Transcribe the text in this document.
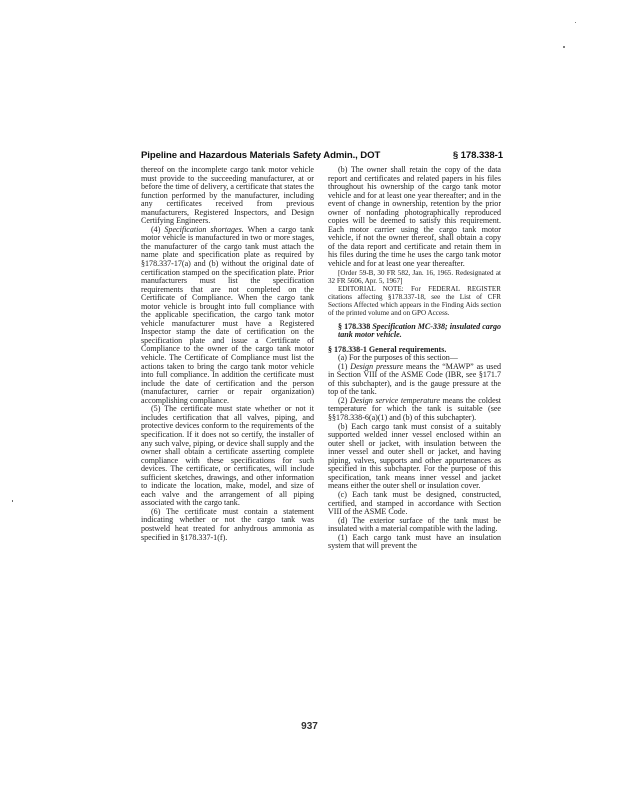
Pipeline and Hazardous Materials Safety Admin., DOT	§ 178.338-1

thereof on the incomplete cargo tank motor vehicle must provide to the succeeding manufacturer, at or before the time of delivery, a certificate that states the function performed by the manufacturer, including any certificates received from previous manufacturers, Registered Inspectors, and Design Certifying Engineers.

(4) Specification shortages. When a cargo tank motor vehicle is manufactured in two or more stages, the manufacturer of the cargo tank must attach the name plate and specification plate as required by §178.337-17(a) and (b) without the original date of certification stamped on the specification plate. Prior manufacturers must list the specification requirements that are not completed on the Certificate of Compliance. When the cargo tank motor vehicle is brought into full compliance with the applicable specification, the cargo tank motor vehicle manufacturer must have a Registered Inspector stamp the date of certification on the specification plate and issue a Certificate of Compliance to the owner of the cargo tank motor vehicle. The Certificate of Compliance must list the actions taken to bring the cargo tank motor vehicle into full compliance. In addition the certificate must include the date of certification and the person (manufacturer, carrier or repair organization) accomplishing compliance.

(5) The certificate must state whether or not it includes certification that all valves, piping, and protective devices conform to the requirements of the specification. If it does not so certify, the installer of any such valve, piping, or device shall supply and the owner shall obtain a certificate asserting complete compliance with these specifications for such devices. The certificate, or certificates, will include sufficient sketches, drawings, and other information to indicate the location, make, model, and size of each valve and the arrangement of all piping associated with the cargo tank.

(6) The certificate must contain a statement indicating whether or not the cargo tank was postweld heat treated for anhydrous ammonia as specified in §178.337-1(f).

(b) The owner shall retain the copy of the data report and certificates and related papers in his files throughout his ownership of the cargo tank motor vehicle and for at least one year thereafter; and in the event of change in ownership, retention by the prior owner of nonfading photographically reproduced copies will be deemed to satisfy this requirement. Each motor carrier using the cargo tank motor vehicle, if not the owner thereof, shall obtain a copy of the data report and certificate and retain them in his files during the time he uses the cargo tank motor vehicle and for at least one year thereafter.

[Order 59-B, 30 FR 582, Jan. 16, 1965. Redesignated at 32 FR 5606, Apr. 5, 1967]

EDITORIAL NOTE: For FEDERAL REGISTER citations affecting §178.337-18, see the List of CFR Sections Affected which appears in the Finding Aids section of the printed volume and on GPO Access.

§ 178.338 Specification MC-338; insulated cargo tank motor vehicle.

§ 178.338-1 General requirements.

(a) For the purposes of this section—

(1) Design pressure means the “MAWP” as used in Section VIII of the ASME Code (IBR, see §171.7 of this subchapter), and is the gauge pressure at the top of the tank.

(2) Design service temperature means the coldest temperature for which the tank is suitable (see §§178.338-6(a)(1) and (b) of this subchapter).

(b) Each cargo tank must consist of a suitably supported welded inner vessel enclosed within an outer shell or jacket, with insulation between the inner vessel and outer shell or jacket, and having piping, valves, supports and other appurtenances as specified in this subchapter. For the purpose of this specification, tank means inner vessel and jacket means either the outer shell or insulation cover.

(c) Each tank must be designed, constructed, certified, and stamped in accordance with Section VIII of the ASME Code.

(d) The exterior surface of the tank must be insulated with a material compatible with the lading.

(1) Each cargo tank must have an insulation system that will prevent the

937
